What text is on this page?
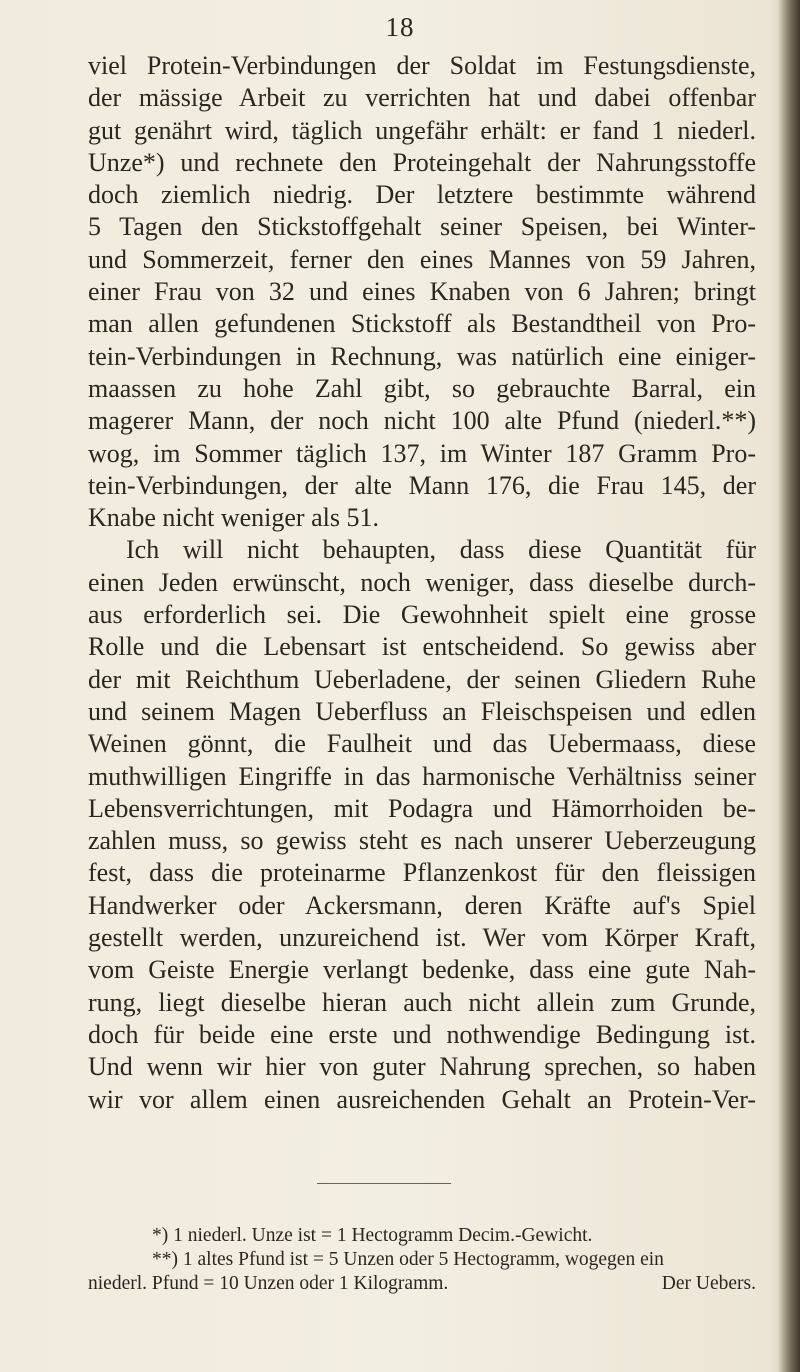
18
viel Protein-Verbindungen der Soldat im Festungsdienste,
der mässige Arbeit zu verrichten hat und dabei offenbar
gut genährt wird, täglich ungefähr erhält: er fand 1 niederl.
Unze*) und rechnete den Proteingehalt der Nahrungsstoffe
doch ziemlich niedrig. Der letztere bestimmte während
5 Tagen den Stickstoffgehalt seiner Speisen, bei Winter-
und Sommerzeit, ferner den eines Mannes von 59 Jahren,
einer Frau von 32 und eines Knaben von 6 Jahren; bringt
man allen gefundenen Stickstoff als Bestandtheil von Pro-
tein-Verbindungen in Rechnung, was natürlich eine einiger-
maassen zu hohe Zahl gibt, so gebrauchte Barral, ein
magerer Mann, der noch nicht 100 alte Pfund (niederl.**)
wog, im Sommer täglich 137, im Winter 187 Gramm Pro-
tein-Verbindungen, der alte Mann 176, die Frau 145, der
Knabe nicht weniger als 51.
Ich will nicht behaupten, dass diese Quantität für
einen Jeden erwünscht, noch weniger, dass dieselbe durch-
aus erforderlich sei. Die Gewohnheit spielt eine grosse
Rolle und die Lebensart ist entscheidend. So gewiss aber
der mit Reichthum Ueberladene, der seinen Gliedern Ruhe
und seinem Magen Ueberfluss an Fleischspeisen und edlen
Weinen gönnt, die Faulheit und das Uebermaass, diese
muthwilligen Eingriffe in das harmonische Verhältniss seiner
Lebensverrichtungen, mit Podagra und Hämorrhoiden be-
zahlen muss, so gewiss steht es nach unserer Ueberzeugung
fest, dass die proteinarme Pflanzenkost für den fleissigen
Handwerker oder Ackersmann, deren Kräfte auf's Spiel
gestellt werden, unzureichend ist. Wer vom Körper Kraft,
vom Geiste Energie verlangt bedenke, dass eine gute Nah-
rung, liegt dieselbe hieran auch nicht allein zum Grunde,
doch für beide eine erste und nothwendige Bedingung ist.
Und wenn wir hier von guter Nahrung sprechen, so haben
wir vor allem einen ausreichenden Gehalt an Protein-Ver-
*) 1 niederl. Unze ist = 1 Hectogramm Decim.-Gewicht.
**) 1 altes Pfund ist = 5 Unzen oder 5 Hectogramm, wogegen ein
niederl. Pfund = 10 Unzen oder 1 Kilogramm.	Der Uebers.
